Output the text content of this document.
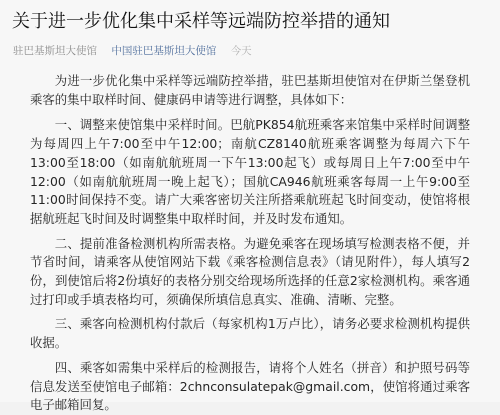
关于进一步优化集中采样等远端防控举措的通知
驻巴基斯坦大使馆 中国驻巴基斯坦大使馆 今天

为进一步优化集中采样等远端防控举措，驻巴基斯坦使馆对在伊斯兰堡登机乘客的集中取样时间、健康码申请等进行调整，具体如下：

一、调整来使馆集中采样时间。巴航PK854航班乘客来馆集中采样时间调整为每周四上午7:00至中午12:00；南航CZ8140航班乘客调整为每周六下午13:00至18:00（如南航航班周一下午13:00起飞）或每周日上午7:00至中午12:00（如南航航班周一晚上起飞）；国航CA946航班乘客每周一上午9:00至11:00时间保持不变。请广大乘客密切关注所搭乘航班起飞时间变动，使馆将根据航班起飞时间及时调整集中取样时间，并及时发布通知。

二、提前准备检测机构所需表格。为避免乘客在现场填写检测表格不便，并节省时间，请乘客从使馆网站下载《乘客检测信息表》（请见附件），每人填写2份，到使馆后将2份填好的表格分别交给现场所选择的任意2家检测机构。乘客通过打印或手填表格均可，须确保所填信息真实、准确、清晰、完整。

三、乘客向检测机构付款后（每家机构1万卢比），请务必要求检测机构提供收据。

四、乘客如需集中采样后的检测报告，请将个人姓名（拼音）和护照号码等信息发送至使馆电子邮箱：2chnconsulatepak@gmail.com，使馆将通过乘客电子邮箱回复。
